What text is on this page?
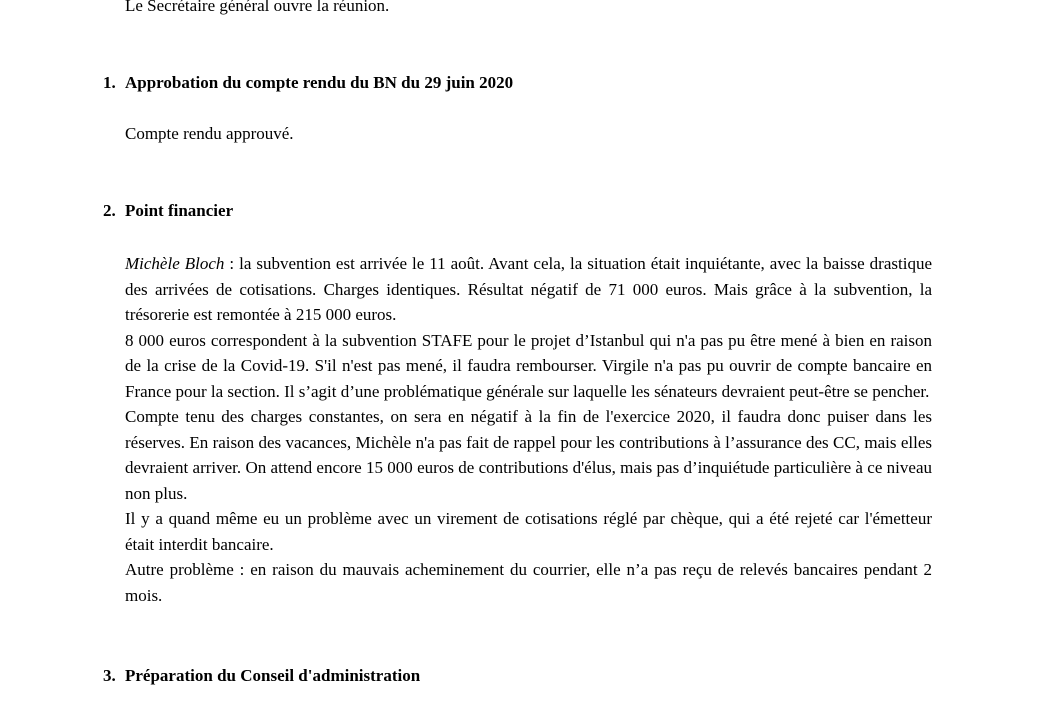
Le Secrétaire général ouvre la réunion.

1. Approbation du compte rendu du BN du 29 juin 2020

Compte rendu approuvé.

2. Point financier

Michèle Bloch : la subvention est arrivée le 11 août. Avant cela, la situation était inquiétante, avec la baisse drastique des arrivées de cotisations. Charges identiques. Résultat négatif de 71 000 euros. Mais grâce à la subvention, la trésorerie est remontée à 215 000 euros.

8 000 euros correspondent à la subvention STAFE pour le projet d’Istanbul qui n'a pas pu être mené à bien en raison de la crise de la Covid-19. S'il n'est pas mené, il faudra rembourser. Virgile n'a pas pu ouvrir de compte bancaire en France pour la section. Il s’agit d’une problématique générale sur laquelle les sénateurs devraient peut-être se pencher.

Compte tenu des charges constantes, on sera en négatif à la fin de l'exercice 2020, il faudra donc puiser dans les réserves. En raison des vacances, Michèle n'a pas fait de rappel pour les contributions à l’assurance des CC, mais elles devraient arriver. On attend encore 15 000 euros de contributions d'élus, mais pas d’inquiétude particulière à ce niveau non plus.

Il y a quand même eu un problème avec un virement de cotisations réglé par chèque, qui a été rejeté car l'émetteur était interdit bancaire.

Autre problème : en raison du mauvais acheminement du courrier, elle n’a pas reçu de relevés bancaires pendant 2 mois.

3. Préparation du Conseil d'administration
